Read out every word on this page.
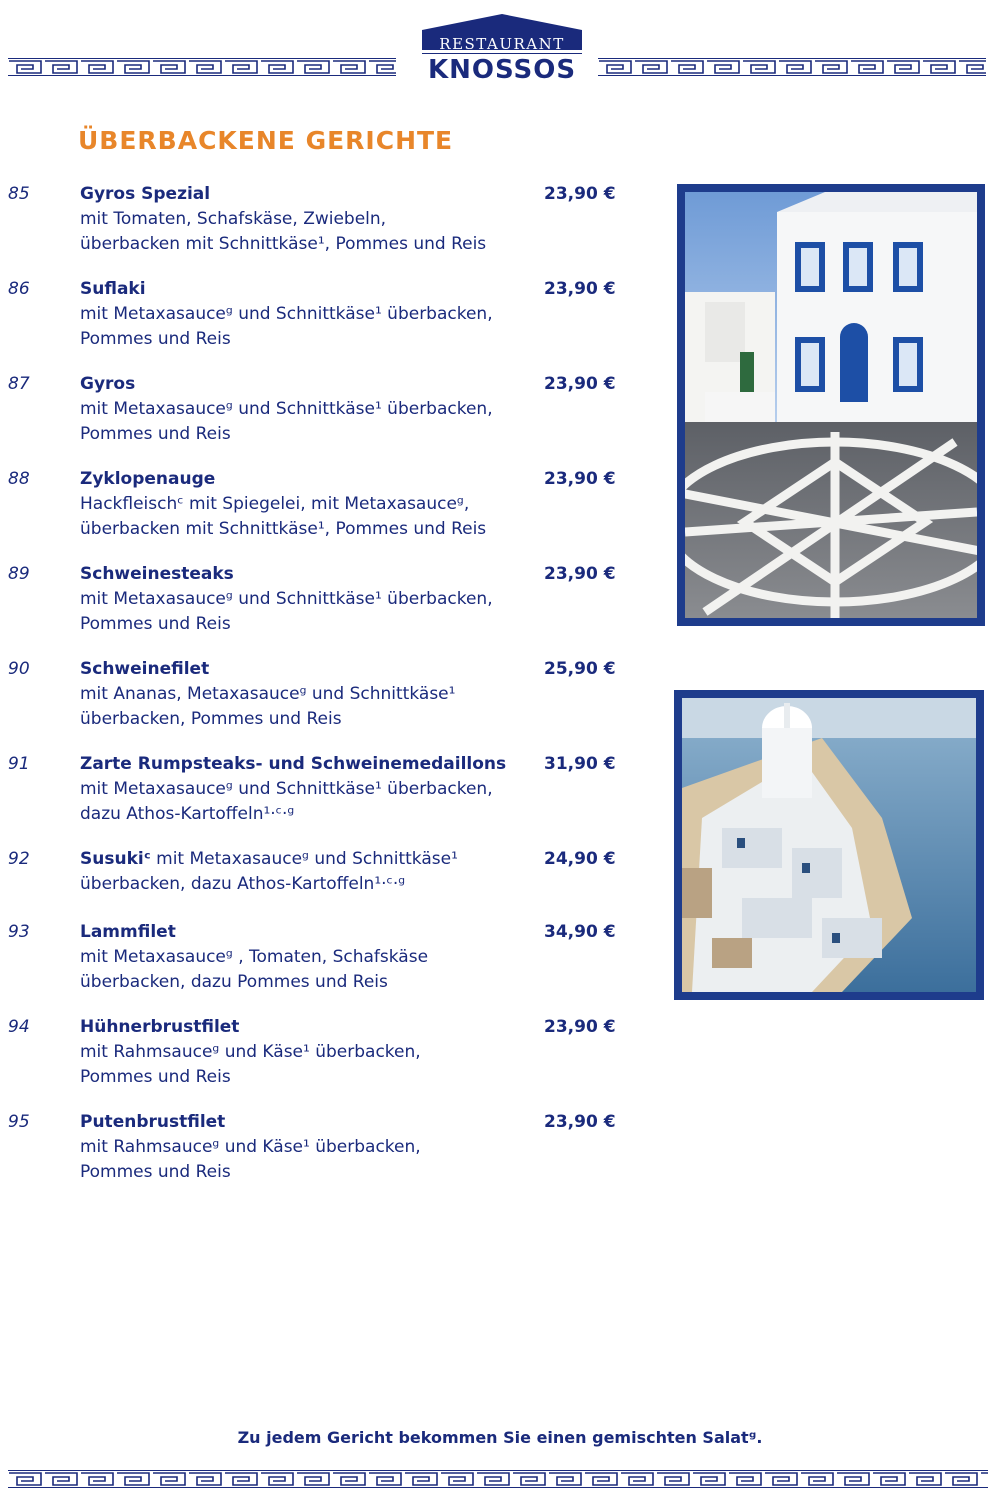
RESTAURANT
KNOSSOS
ÜBERBACKENE GERICHTE
85	Gyros Spezial
mit Tomaten, Schafskäse, Zwiebeln,
überbacken mit Schnittkäse¹, Pommes und Reis
23,90 €
86	Suflaki
mit Metaxasauceᵍ und Schnittkäse¹ überbacken,
Pommes und Reis
23,90 €
87	Gyros
mit Metaxasauceᵍ und Schnittkäse¹ überbacken,
Pommes und Reis
23,90 €
88	Zyklopenauge
Hackfleischᶜ mit Spiegelei, mit Metaxasauceᵍ,
überbacken mit Schnittkäse¹, Pommes und Reis
23,90 €
89	Schweinesteaks
mit Metaxasauceᵍ und Schnittkäse¹ überbacken,
Pommes und Reis
23,90 €
90	Schweinefilet
mit Ananas, Metaxasauceᵍ und Schnittkäse¹
überbacken, Pommes und Reis
25,90 €
91	Zarte Rumpsteaks- und Schweinemedaillons
mit Metaxasauceᵍ und Schnittkäse¹ überbacken,
dazu Athos-Kartoffeln¹·ᶜ·ᵍ
31,90 €
92	Susukiᶜ mit Metaxasauceᵍ und Schnittkäse¹
überbacken, dazu Athos-Kartoffeln¹·ᶜ·ᵍ
24,90 €
93	Lammfilet
mit Metaxasauceᵍ , Tomaten, Schafskäse
überbacken, dazu Pommes und Reis
34,90 €
94	Hühnerbrustfilet
mit Rahmsauceᵍ und Käse¹ überbacken,
Pommes und Reis
23,90 €
95	Putenbrustfilet
mit Rahmsauceᵍ und Käse¹ überbacken,
Pommes und Reis
23,90 €
Zu jedem Gericht bekommen Sie einen gemischten Salatᵍ.
